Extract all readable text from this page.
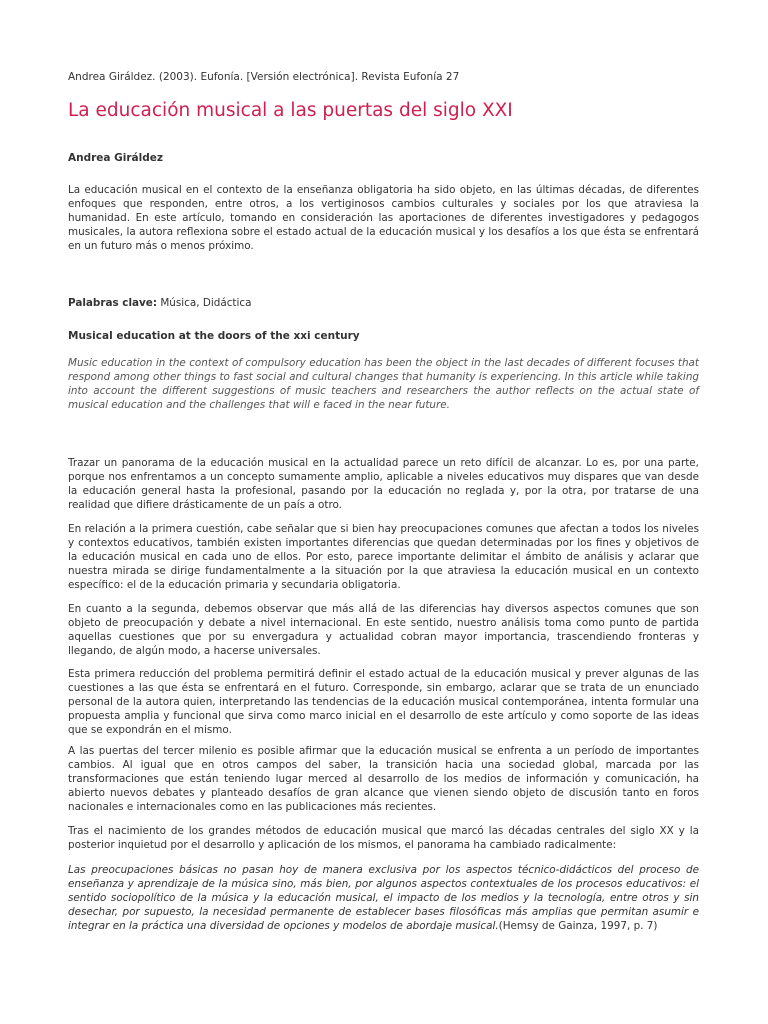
Andrea Giráldez. (2003). Eufonía. [Versión electrónica]. Revista Eufonía 27
La educación musical a las puertas del siglo XXI
Andrea Giráldez

La educación musical en el contexto de la enseñanza obligatoria ha sido objeto, en las últimas décadas, de diferentes enfoques que responden, entre otros, a los vertiginosos cambios culturales y sociales por los que atraviesa la humanidad. En este artículo, tomando en consideración las aportaciones de diferentes investigadores y pedagogos musicales, la autora reflexiona sobre el estado actual de la educación musical y los desafíos a los que ésta se enfrentará en un futuro más o menos próximo.

Palabras clave: Música, Didáctica

Musical education at the doors of the xxi century

Music education in the context of compulsory education has been the object in the last decades of different focuses that respond among other things to fast social and cultural changes that humanity is experiencing. In this article while taking into account the different suggestions of music teachers and researchers the author reflects on the actual state of musical education and the challenges that will e faced in the near future.

Trazar un panorama de la educación musical en la actualidad parece un reto difícil de alcanzar. Lo es, por una parte, porque nos enfrentamos a un concepto sumamente amplio, aplicable a niveles educativos muy dispares que van desde la educación general hasta la profesional, pasando por la educación no reglada y, por la otra, por tratarse de una realidad que difiere drásticamente de un país a otro.

En relación a la primera cuestión, cabe señalar que si bien hay preocupaciones comunes que afectan a todos los niveles y contextos educativos, también existen importantes diferencias que quedan determinadas por los fines y objetivos de la educación musical en cada uno de ellos. Por esto, parece importante delimitar el ámbito de análisis y aclarar que nuestra mirada se dirige fundamentalmente a la situación por la que atraviesa la educación musical en un contexto específico: el de la educación primaria y secundaria obligatoria.

En cuanto a la segunda, debemos observar que más allá de las diferencias hay diversos aspectos comunes que son objeto de preocupación y debate a nivel internacional. En este sentido, nuestro análisis toma como punto de partida aquellas cuestiones que por su envergadura y actualidad cobran mayor importancia, trascendiendo fronteras y llegando, de algún modo, a hacerse universales.

Esta primera reducción del problema permitirá definir el estado actual de la educación musical y prever algunas de las cuestiones a las que ésta se enfrentará en el futuro. Corresponde, sin embargo, aclarar que se trata de un enunciado personal de la autora quien, interpretando las tendencias de la educación musical contemporánea, intenta formular una propuesta amplia y funcional que sirva como marco inicial en el desarrollo de este artículo y como soporte de las ideas que se expondrán en el mismo.

A las puertas del tercer milenio es posible afirmar que la educación musical se enfrenta a un período de importantes cambios. Al igual que en otros campos del saber, la transición hacia una sociedad global, marcada por las transformaciones que están teniendo lugar merced al desarrollo de los medios de información y comunicación, ha abierto nuevos debates y planteado desafíos de gran alcance que vienen siendo objeto de discusión tanto en foros nacionales e internacionales como en las publicaciones más recientes.

Tras el nacimiento de los grandes métodos de educación musical que marcó las décadas centrales del siglo XX y la posterior inquietud por el desarrollo y aplicación de los mismos, el panorama ha cambiado radicalmente:

Las preocupaciones básicas no pasan hoy de manera exclusiva por los aspectos técnico-didácticos del proceso de enseñanza y aprendizaje de la música sino, más bien, por algunos aspectos contextuales de los procesos educativos: el sentido sociopolítico de la música y la educación musical, el impacto de los medios y la tecnología, entre otros y sin desechar, por supuesto, la necesidad permanente de establecer bases filosóficas más amplias que permitan asumir e integrar en la práctica una diversidad de opciones y modelos de abordaje musical.(Hemsy de Gainza, 1997, p. 7)
